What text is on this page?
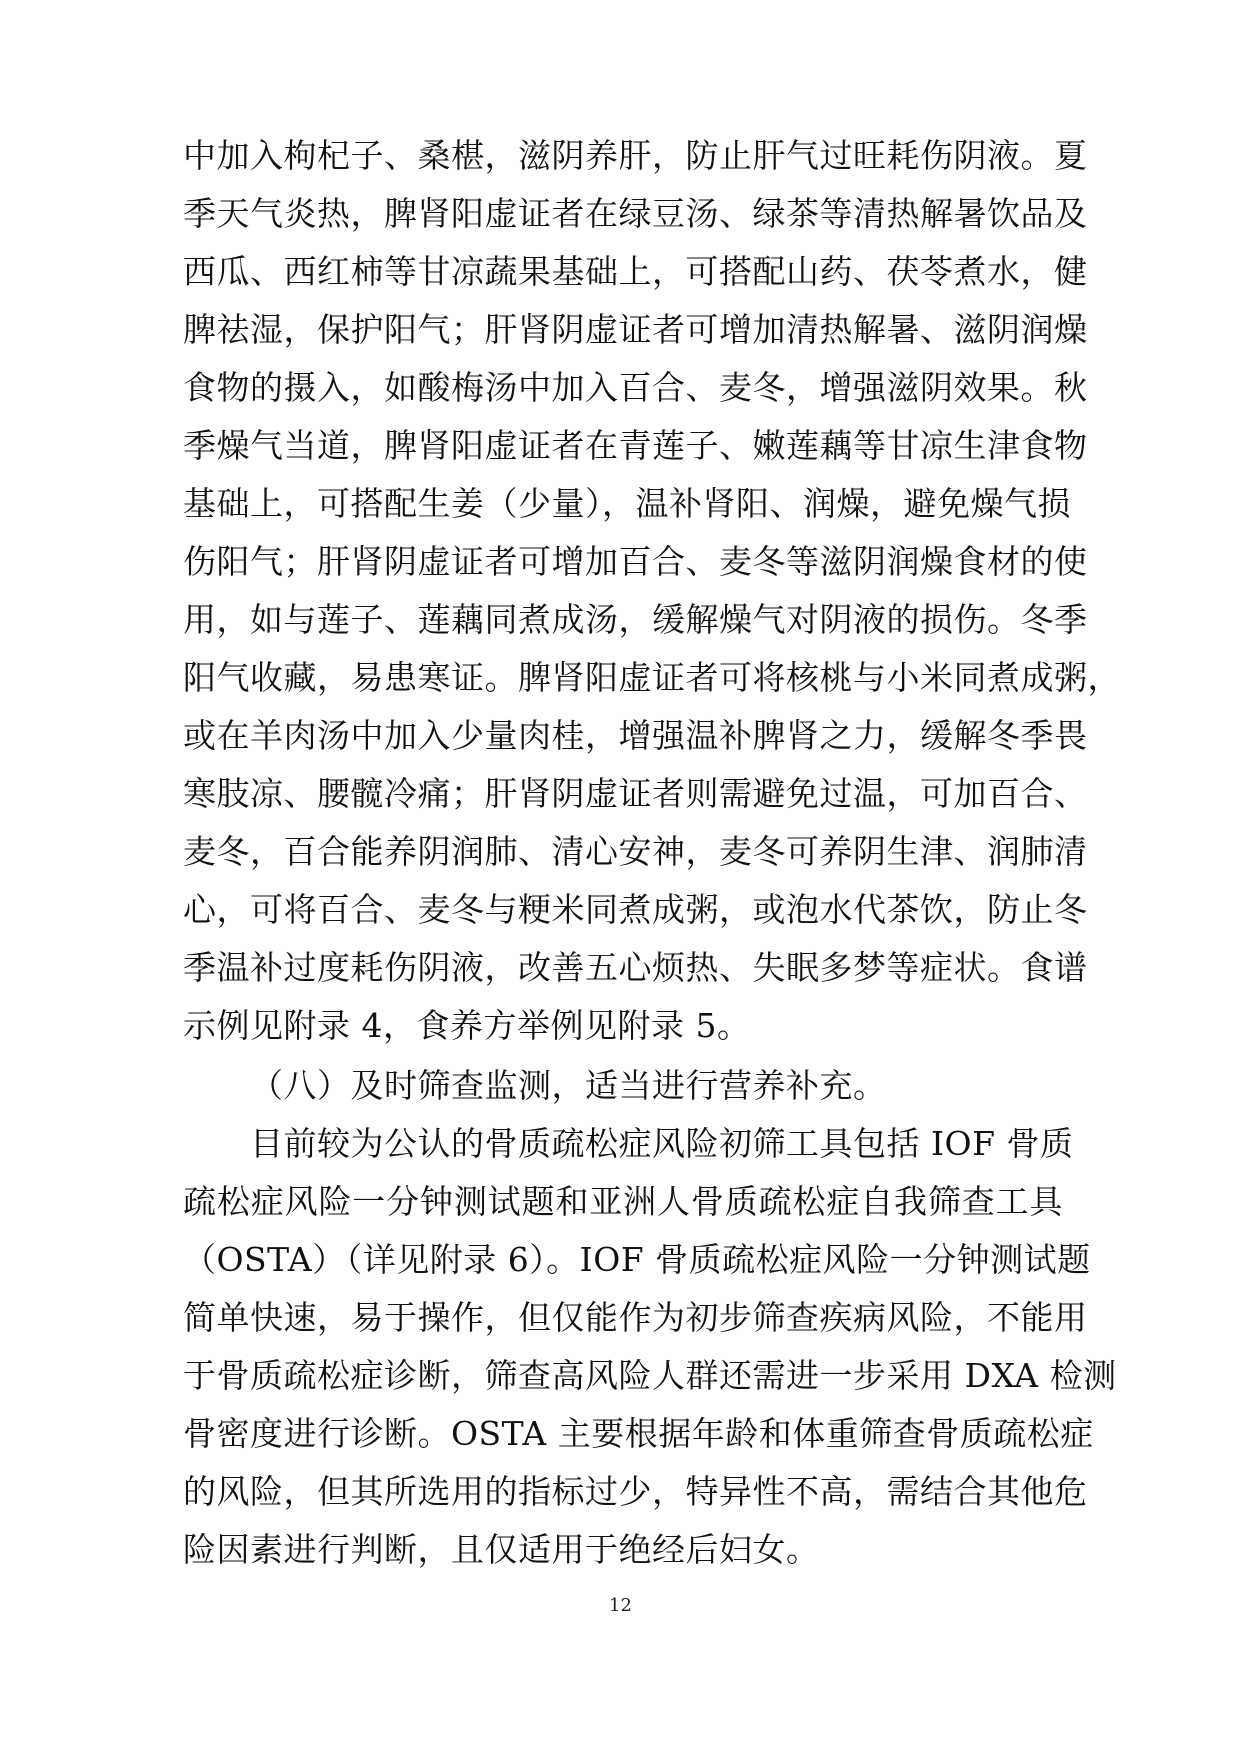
中加入枸杞子、桑椹，滋阴养肝，防止肝气过旺耗伤阴液。夏
季天气炎热，脾肾阳虚证者在绿豆汤、绿茶等清热解暑饮品及
西瓜、西红柿等甘凉蔬果基础上，可搭配山药、茯苓煮水，健
脾祛湿，保护阳气；肝肾阴虚证者可增加清热解暑、滋阴润燥
食物的摄入，如酸梅汤中加入百合、麦冬，增强滋阴效果。秋
季燥气当道，脾肾阳虚证者在青莲子、嫩莲藕等甘凉生津食物
基础上，可搭配生姜（少量），温补肾阳、润燥，避免燥气损
伤阳气；肝肾阴虚证者可增加百合、麦冬等滋阴润燥食材的使
用，如与莲子、莲藕同煮成汤，缓解燥气对阴液的损伤。冬季
阳气收藏，易患寒证。脾肾阳虚证者可将核桃与小米同煮成粥，
或在羊肉汤中加入少量肉桂，增强温补脾肾之力，缓解冬季畏
寒肢凉、腰髋冷痛；肝肾阴虚证者则需避免过温，可加百合、
麦冬，百合能养阴润肺、清心安神，麦冬可养阴生津、润肺清
心，可将百合、麦冬与粳米同煮成粥，或泡水代茶饮，防止冬
季温补过度耗伤阴液，改善五心烦热、失眠多梦等症状。食谱
示例见附录 4，食养方举例见附录 5。
（八）及时筛查监测，适当进行营养补充。
目前较为公认的骨质疏松症风险初筛工具包括 IOF 骨质
疏松症风险一分钟测试题和亚洲人骨质疏松症自我筛查工具
（OSTA）（详见附录 6）。IOF 骨质疏松症风险一分钟测试题
简单快速，易于操作，但仅能作为初步筛查疾病风险，不能用
于骨质疏松症诊断，筛查高风险人群还需进一步采用 DXA 检测
骨密度进行诊断。OSTA 主要根据年龄和体重筛查骨质疏松症
的风险，但其所选用的指标过少，特异性不高，需结合其他危
险因素进行判断，且仅适用于绝经后妇女。
12
